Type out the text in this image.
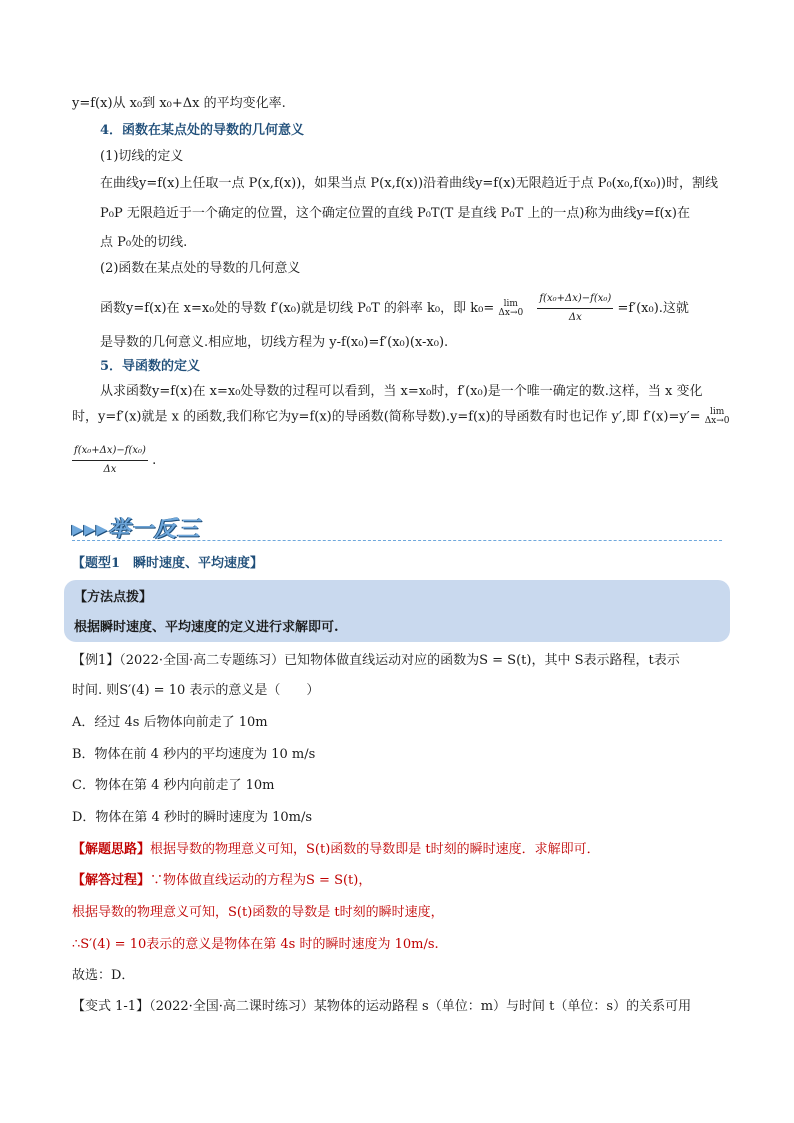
y=f(x)从 x₀到 x₀+Δx 的平均变化率.
4．函数在某点处的导数的几何意义
(1)切线的定义
在曲线y=f(x)上任取一点 P(x,f(x))，如果当点 P(x,f(x))沿着曲线y=f(x)无限趋近于点 P₀(x₀,f(x₀))时，割线
P₀P 无限趋近于一个确定的位置，这个确定位置的直线 P₀T(T 是直线 P₀T 上的一点)称为曲线y=f(x)在
点 P₀处的切线.
(2)函数在某点处的导数的几何意义
函数y=f(x)在 x=x₀处的导数 f′(x₀)就是切线 P₀T 的斜率 k₀，即 k₀= lim
$\Delta x\to 0 \frac{\text{f(x₀+Δx)−f(x₀)}}{\Delta x} =f'(x_0)$.这就
是导数的几何意义.相应地，切线方程为 y-f(x₀)=f′(x₀)(x-x₀).
5．导函数的定义
从求函数y=f(x)在 x=x₀处导数的过程可以看到，当 x=x₀时，f′(x₀)是一个唯一确定的数.这样，当 x 变化
时，y=f′(x)就是 x 的函数,我们称它为y=f(x)的导函数(简称导数).y=f(x)的导函数有时也记作 y′,即 f′(x)=y′= lim
Δx→0
$\frac{\text{f(x₀+Δx)−f(x₀)}}{\Delta x}$ .
▸▸▸举一反三
【题型1　瞬时速度、平均速度】
【方法点拨】
根据瞬时速度、平均速度的定义进行求解即可.
【例1】（2022·全国·高二专题练习）已知物体做直线运动对应的函数为S = S(t)，其中 S表示路程，t表示
时间. 则S′(4) = 10 表示的意义是（　　）
A．经过 4s 后物体向前走了 10m
B．物体在前 4 秒内的平均速度为 10 m/s
C．物体在第 4 秒内向前走了 10m
D．物体在第 4 秒时的瞬时速度为 10m/s
【解题思路】根据导数的物理意义可知，S(t)函数的导数即是 t时刻的瞬时速度．求解即可．
【解答过程】∵物体做直线运动的方程为S = S(t)，
根据导数的物理意义可知，S(t)函数的导数是 t时刻的瞬时速度，
∴S′(4) = 10表示的意义是物体在第 4s 时的瞬时速度为 10m/s.
故选：D．
【变式 1-1】（2022·全国·高二课时练习）某物体的运动路程 s（单位：m）与时间 t（单位：s）的关系可用
